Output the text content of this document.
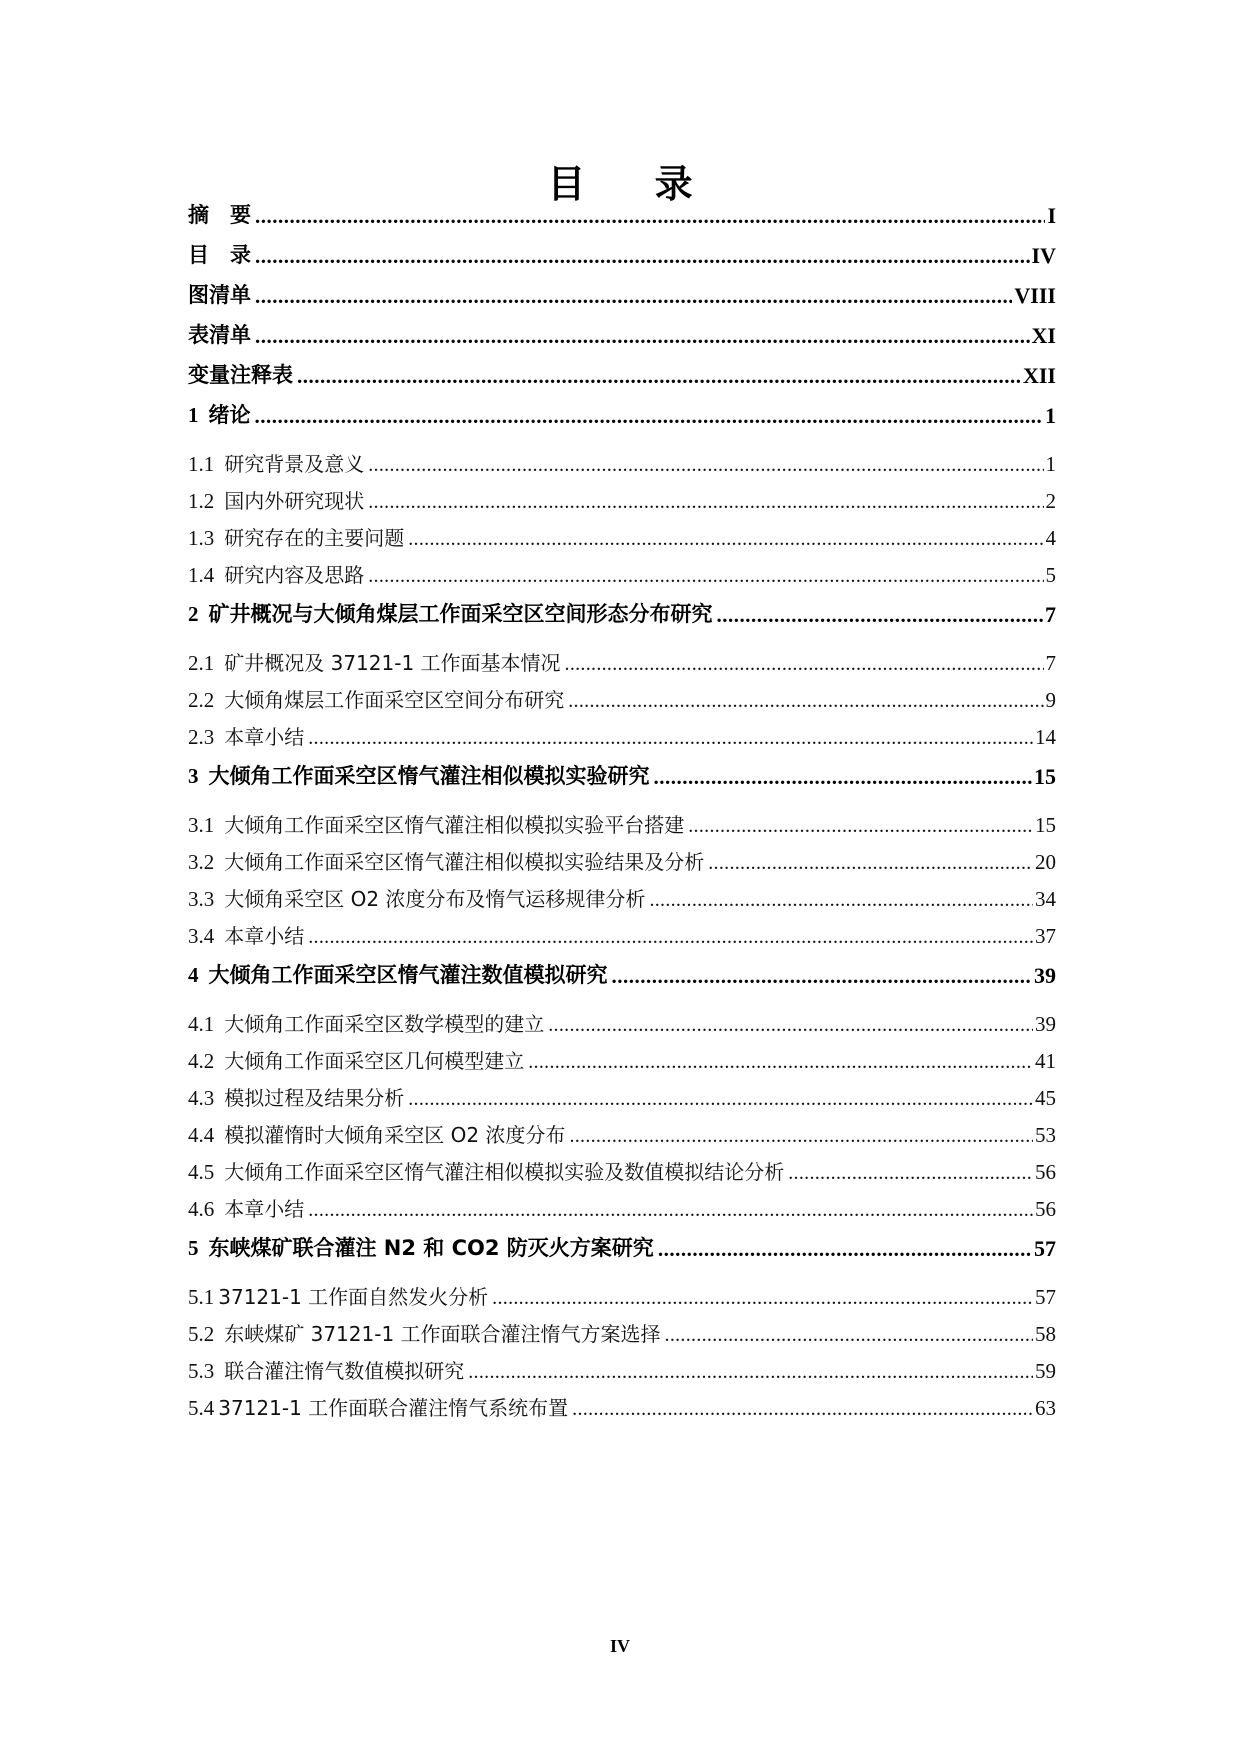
目 录
摘　要 .....	I
目　录 .....	IV
图清单 .....	VIII
表清单 .....	XI
变量注释表 .....	XII
1 绪论 .....	1
1.1 研究背景及意义 .....	1
1.2 国内外研究现状 .....	2
1.3 研究存在的主要问题 .....	4
1.4 研究内容及思路 .....	5
2 矿井概况与大倾角煤层工作面采空区空间形态分布研究 .....	7
2.1 矿井概况及 37121-1 工作面基本情况 .....	7
2.2 大倾角煤层工作面采空区空间分布研究 .....	9
2.3 本章小结 .....	14
3 大倾角工作面采空区惰气灌注相似模拟实验研究 .....	15
3.1 大倾角工作面采空区惰气灌注相似模拟实验平台搭建 .....	15
3.2 大倾角工作面采空区惰气灌注相似模拟实验结果及分析 .....	20
3.3 大倾角采空区 O2 浓度分布及惰气运移规律分析 .....	34
3.4 本章小结 .....	37
4 大倾角工作面采空区惰气灌注数值模拟研究 .....	39
4.1 大倾角工作面采空区数学模型的建立 .....	39
4.2 大倾角工作面采空区几何模型建立 .....	41
4.3 模拟过程及结果分析 .....	45
4.4 模拟灌惰时大倾角采空区 O2 浓度分布 .....	53
4.5 大倾角工作面采空区惰气灌注相似模拟实验及数值模拟结论分析 .....	56
4.6 本章小结 .....	56
5 东峡煤矿联合灌注 N2 和 CO2 防灭火方案研究 .....	57
5.1 37121-1 工作面自然发火分析 .....	57
5.2 东峡煤矿 37121-1 工作面联合灌注惰气方案选择 .....	58
5.3 联合灌注惰气数值模拟研究 .....	59
5.4 37121-1 工作面联合灌注惰气系统布置 .....	63
IV
